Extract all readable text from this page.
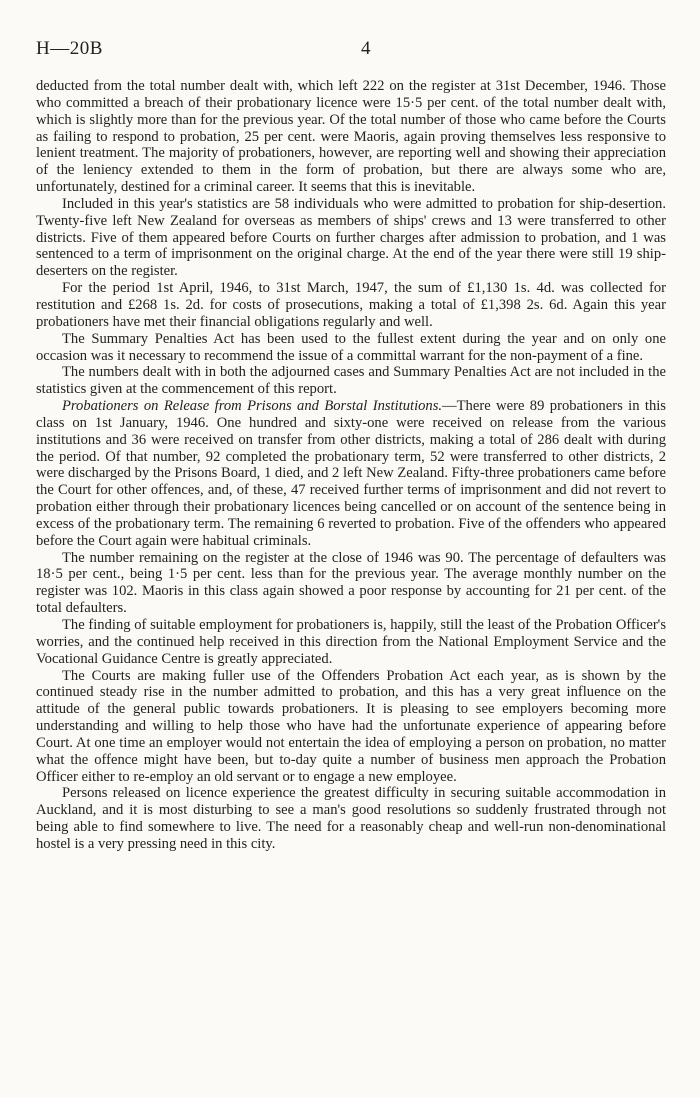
H—20B	4

deducted from the total number dealt with, which left 222 on the register at 31st December, 1946. Those who committed a breach of their probationary licence were 15·5 per cent. of the total number dealt with, which is slightly more than for the previous year. Of the total number of those who came before the Courts as failing to respond to probation, 25 per cent. were Maoris, again proving themselves less responsive to lenient treatment. The majority of probationers, however, are reporting well and showing their appreciation of the leniency extended to them in the form of probation, but there are always some who are, unfortunately, destined for a criminal career. It seems that this is inevitable.

Included in this year's statistics are 58 individuals who were admitted to probation for ship-desertion. Twenty-five left New Zealand for overseas as members of ships' crews and 13 were transferred to other districts. Five of them appeared before Courts on further charges after admission to probation, and 1 was sentenced to a term of imprisonment on the original charge. At the end of the year there were still 19 ship-deserters on the register.

For the period 1st April, 1946, to 31st March, 1947, the sum of £1,130 1s. 4d. was collected for restitution and £268 1s. 2d. for costs of prosecutions, making a total of £1,398 2s. 6d. Again this year probationers have met their financial obligations regularly and well.

The Summary Penalties Act has been used to the fullest extent during the year and on only one occasion was it necessary to recommend the issue of a committal warrant for the non-payment of a fine.

The numbers dealt with in both the adjourned cases and Summary Penalties Act are not included in the statistics given at the commencement of this report.

Probationers on Release from Prisons and Borstal Institutions.—There were 89 probationers in this class on 1st January, 1946. One hundred and sixty-one were received on release from the various institutions and 36 were received on transfer from other districts, making a total of 286 dealt with during the period. Of that number, 92 completed the probationary term, 52 were transferred to other districts, 2 were discharged by the Prisons Board, 1 died, and 2 left New Zealand. Fifty-three probationers came before the Court for other offences, and, of these, 47 received further terms of imprisonment and did not revert to probation either through their probationary licences being cancelled or on account of the sentence being in excess of the probationary term. The remaining 6 reverted to probation. Five of the offenders who appeared before the Court again were habitual criminals.

The number remaining on the register at the close of 1946 was 90. The percentage of defaulters was 18·5 per cent., being 1·5 per cent. less than for the previous year. The average monthly number on the register was 102. Maoris in this class again showed a poor response by accounting for 21 per cent. of the total defaulters.

The finding of suitable employment for probationers is, happily, still the least of the Probation Officer's worries, and the continued help received in this direction from the National Employment Service and the Vocational Guidance Centre is greatly appreciated.

The Courts are making fuller use of the Offenders Probation Act each year, as is shown by the continued steady rise in the number admitted to probation, and this has a very great influence on the attitude of the general public towards probationers. It is pleasing to see employers becoming more understanding and willing to help those who have had the unfortunate experience of appearing before Court. At one time an employer would not entertain the idea of employing a person on probation, no matter what the offence might have been, but to-day quite a number of business men approach the Probation Officer either to re-employ an old servant or to engage a new employee.

Persons released on licence experience the greatest difficulty in securing suitable accommodation in Auckland, and it is most disturbing to see a man's good resolutions so suddenly frustrated through not being able to find somewhere to live. The need for a reasonably cheap and well-run non-denominational hostel is a very pressing need in this city.
